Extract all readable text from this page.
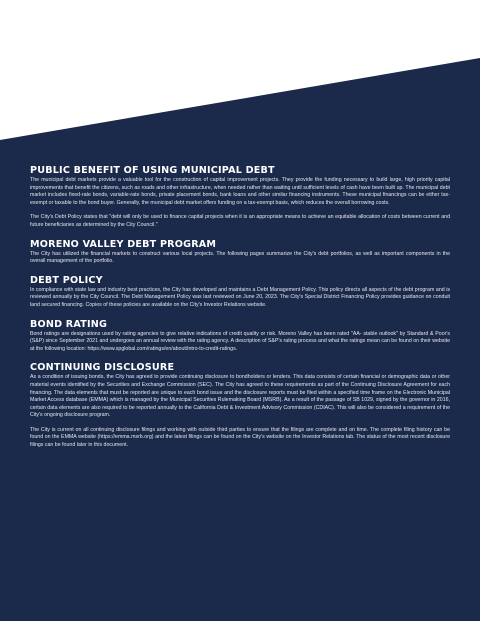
PUBLIC BENEFIT OF USING MUNICIPAL DEBT

The municipal debt markets provide a valuable tool for the construction of capital improvement projects. They provide the funding necessary to build large, high priority capital improvements that benefit the citizens, such as roads and other infrastructure, when needed rather than waiting until sufficient levels of cash have been built up. The municipal debt market includes fixed-rate bonds, variable-rate bonds, private placement bonds, bank loans and other similar financing instruments. These municipal financings can be either tax-exempt or taxable to the bond buyer. Generally, the municipal debt market offers funding on a tax-exempt basis, which reduces the overall borrowing costs.

The City's Debt Policy states that "debt will only be used to finance capital projects when it is an appropriate means to achieve an equitable allocation of costs between current and future beneficiaries as determined by the City Council."

MORENO VALLEY DEBT PROGRAM

The City has utilized the financial markets to construct various local projects. The following pages summarize the City's debt portfolios, as well as important components in the overall management of the portfolio.

DEBT POLICY

In compliance with state law and industry best practices, the City has developed and maintains a Debt Management Policy. This policy directs all aspects of the debt program and is reviewed annually by the City Council. The Debt Management Policy was last reviewed on June 20, 2023. The City's Special District Financing Policy provides guidance on conduit land secured financing. Copies of these policies are available on the City's Investor Relations website.

BOND RATING

Bond ratings are designations used by rating agencies to give relative indications of credit quality or risk. Moreno Valley has been rated "AA- stable outlook" by Standard & Poor's (S&P) since September 2021 and undergoes an annual review with the rating agency. A description of S&P's rating process and what the ratings mean can be found on their website at the following location: https://www.spglobal.com/ratings/en/about/intro-to-credit-ratings.

CONTINUING DISCLOSURE

As a condition of issuing bonds, the City has agreed to provide continuing disclosure to bondholders or lenders. This data consists of certain financial or demographic data or other material events identified by the Securities and Exchange Commission (SEC). The City has agreed to these requirements as part of the Continuing Disclosure Agreement for each financing. The data elements that must be reported are unique to each bond issue and the disclosure reports must be filed within a specified time frame on the Electronic Municipal Market Access database (EMMA) which is managed by the Municipal Securities Rulemaking Board (MSRB). As a result of the passage of SB 1029, signed by the governor in 2016, certain data elements are also required to be reported annually to the California Debt & Investment Advisory Commission (CDIAC). This will also be considered a requirement of the City's ongoing disclosure program.

The City is current on all continuing disclosure filings and working with outside third parties to ensure that the filings are complete and on time. The complete filing history can be found on the EMMA website (https://emma.msrb.org) and the latest filings can be found on the City's website on the Investor Relations tab. The status of the most recent disclosure filings can be found later in this document.
